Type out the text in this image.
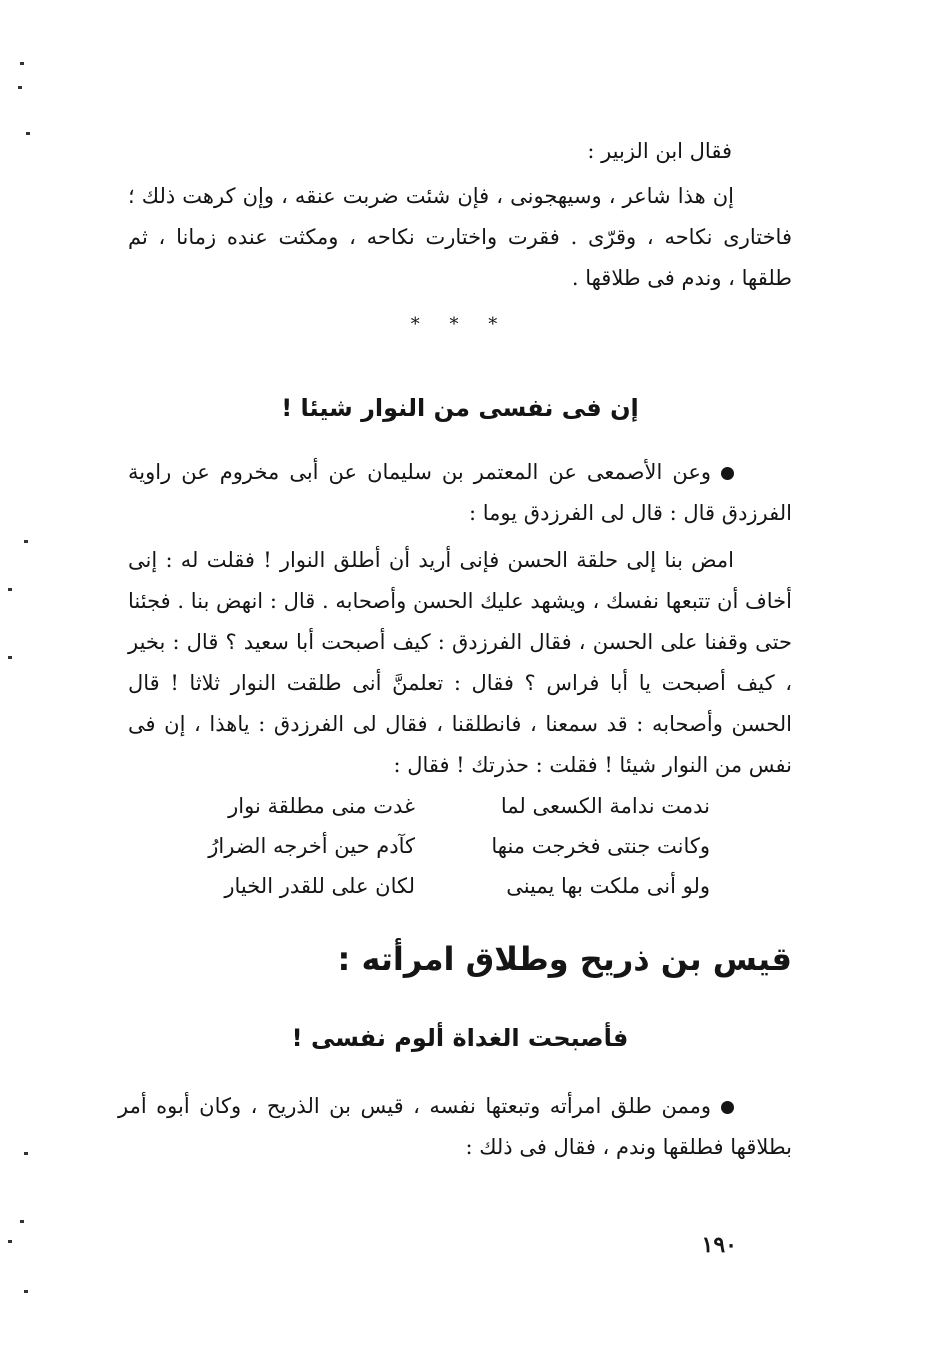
فقال ابن الزبير :
إن هذا شاعر ، وسيهجونى ، فإن شئت ضربت عنقه ، وإن كرهت ذلك ؛ فاختارى نكاحه ، وقرّى . فقرت واختارت نكاحه ، ومكثت عنده زمانا ، ثم طلقها ، وندم فى طلاقها .
* * *
إن فى نفسى من النوار شيئا !
وعن الأصمعى عن المعتمر بن سليمان عن أبى مخروم عن راوية الفرزدق قال : قال لى الفرزدق يوما :
امض بنا إلى حلقة الحسن فإنى أريد أن أطلق النوار ! فقلت له : إنى أخاف أن تتبعها نفسك ، ويشهد عليك الحسن وأصحابه . قال : انهض بنا . فجئنا حتى وقفنا على الحسن ، فقال الفرزدق : كيف أصبحت أبا سعيد ؟ قال : بخير ، كيف أصبحت يا أبا فراس ؟ فقال : تعلمنَّ أنى طلقت النوار ثلاثا ! قال الحسن وأصحابه : قد سمعنا ، فانطلقنا ، فقال لى الفرزدق : ياهذا ، إن فى نفس من النوار شيئا ! فقلت : حذرتك ! فقال :
ندمت ندامة الكسعى لما
غدت منى مطلقة نوار
وكانت جنتى فخرجت منها
كآدم حين أخرجه الضرارُ
ولو أنى ملكت بها يمينى
لكان على للقدر الخيار
قيس بن ذريح وطلاق امرأته :
فأصبحت الغداة ألوم نفسى !
وممن طلق امرأته وتبعتها نفسه ، قيس بن الذريح ، وكان أبوه أمر بطلاقها فطلقها وندم ، فقال فى ذلك :
١٩٠
